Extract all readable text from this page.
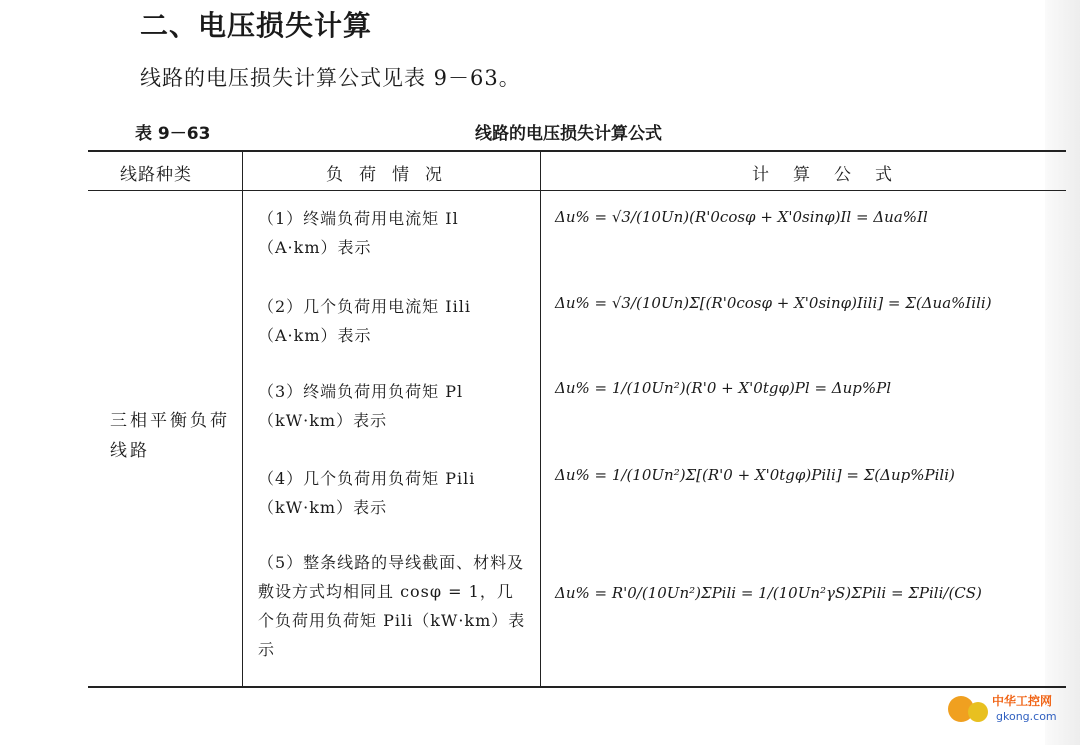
二、电压损失计算
线路的电压损失计算公式见表 9－63。
表 9－63	线路的电压损失计算公式
线路种类	负荷情况	计算公式
三相平衡负荷线路
（1）终端负荷用电流矩 Il（A·km）表示
Δu% = √3/(10Un)(R'0cosφ + X'0sinφ)Il = Δua%Il
（2）几个负荷用电流矩 Iili（A·km）表示
Δu% = √3/(10Un)Σ[(R'0cosφ + X'0sinφ)Iili] = Σ(Δua%Iili)
（3）终端负荷用负荷矩 Pl（kW·km）表示
Δu% = 1/(10Un²)(R'0 + X'0tgφ)Pl = Δup%Pl
（4）几个负荷用负荷矩 Pili（kW·km）表示
Δu% = 1/(10Un²)Σ[(R'0 + X'0tgφ)Pili] = Σ(Δup%Pili)
（5）整条线路的导线截面、材料及敷设方式均相同且 cosφ = 1，几个负荷用负荷矩 Pili（kW·km）表示
Δu% = R'0/(10Un²)ΣPili = 1/(10Un²γS)ΣPili = ΣPili/(CS)
中华工控网
gkong.com
